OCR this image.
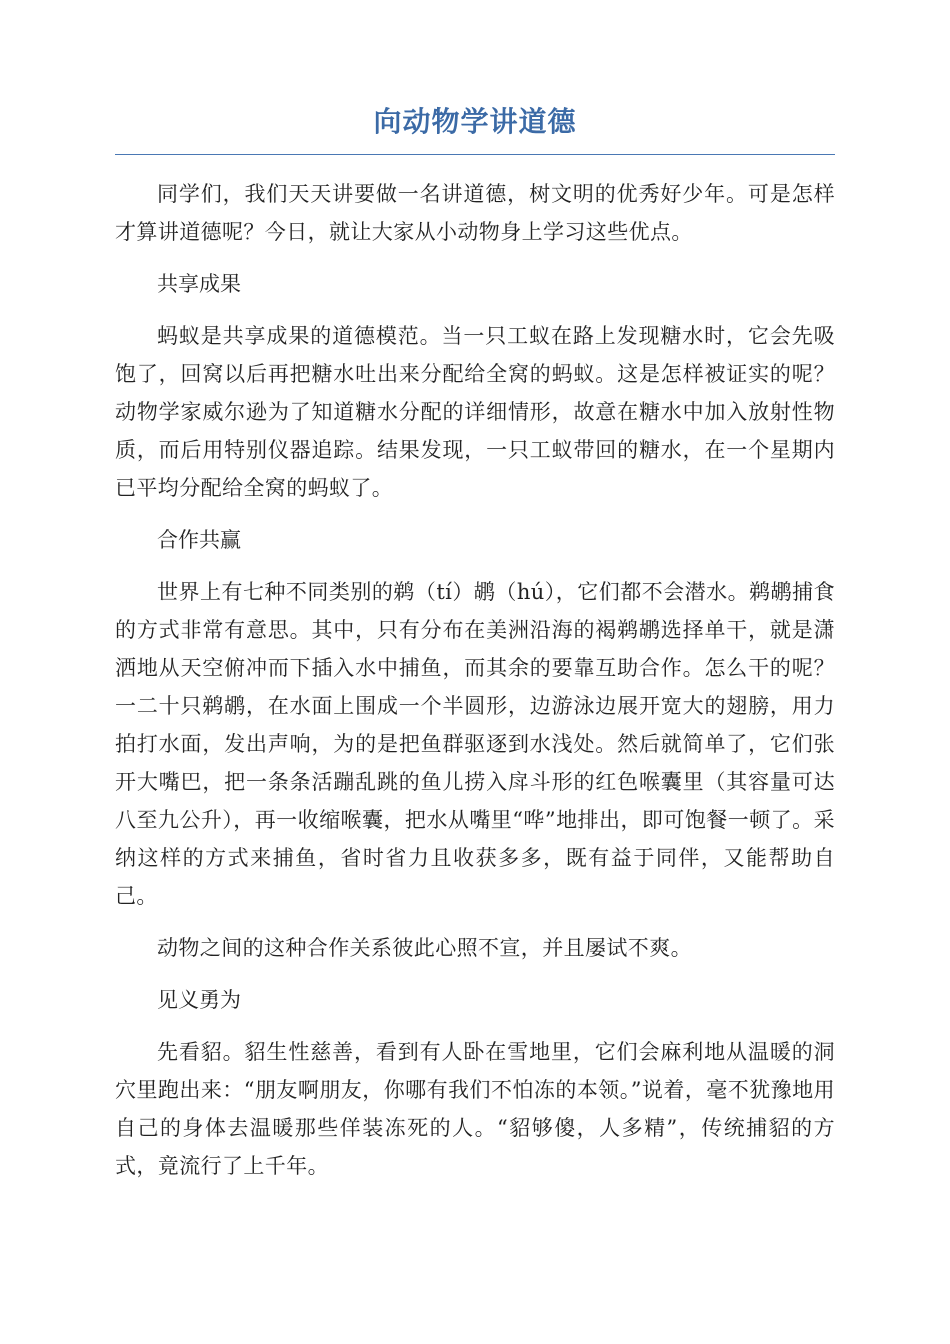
向动物学讲道德

同学们，我们天天讲要做一名讲道德，树文明的优秀好少年。可是怎样才算讲道德呢？今日，就让大家从小动物身上学习这些优点。

共享成果

蚂蚁是共享成果的道德模范。当一只工蚁在路上发现糖水时，它会先吸饱了，回窝以后再把糖水吐出来分配给全窝的蚂蚁。这是怎样被证实的呢？动物学家威尔逊为了知道糖水分配的详细情形，故意在糖水中加入放射性物质，而后用特别仪器追踪。结果发现，一只工蚁带回的糖水，在一个星期内已平均分配给全窝的蚂蚁了。

合作共赢

世界上有七种不同类别的鹈（tí）鹕（hú），它们都不会潜水。鹈鹕捕食的方式非常有意思。其中，只有分布在美洲沿海的褐鹈鹕选择单干，就是潇洒地从天空俯冲而下插入水中捕鱼，而其余的要靠互助合作。怎么干的呢？一二十只鹈鹕，在水面上围成一个半圆形，边游泳边展开宽大的翅膀，用力拍打水面，发出声响，为的是把鱼群驱逐到水浅处。然后就简单了，它们张开大嘴巴，把一条条活蹦乱跳的鱼儿捞入戽斗形的红色喉囊里（其容量可达八至九公升），再一收缩喉囊，把水从嘴里“哗”地排出，即可饱餐一顿了。采纳这样的方式来捕鱼，省时省力且收获多多，既有益于同伴，又能帮助自己。

动物之间的这种合作关系彼此心照不宣，并且屡试不爽。

见义勇为

先看貂。貂生性慈善，看到有人卧在雪地里，它们会麻利地从温暖的洞穴里跑出来：“朋友啊朋友，你哪有我们不怕冻的本领。”说着，毫不犹豫地用自己的身体去温暖那些佯装冻死的人。“貂够傻，人多精”，传统捕貂的方式，竟流行了上千年。
